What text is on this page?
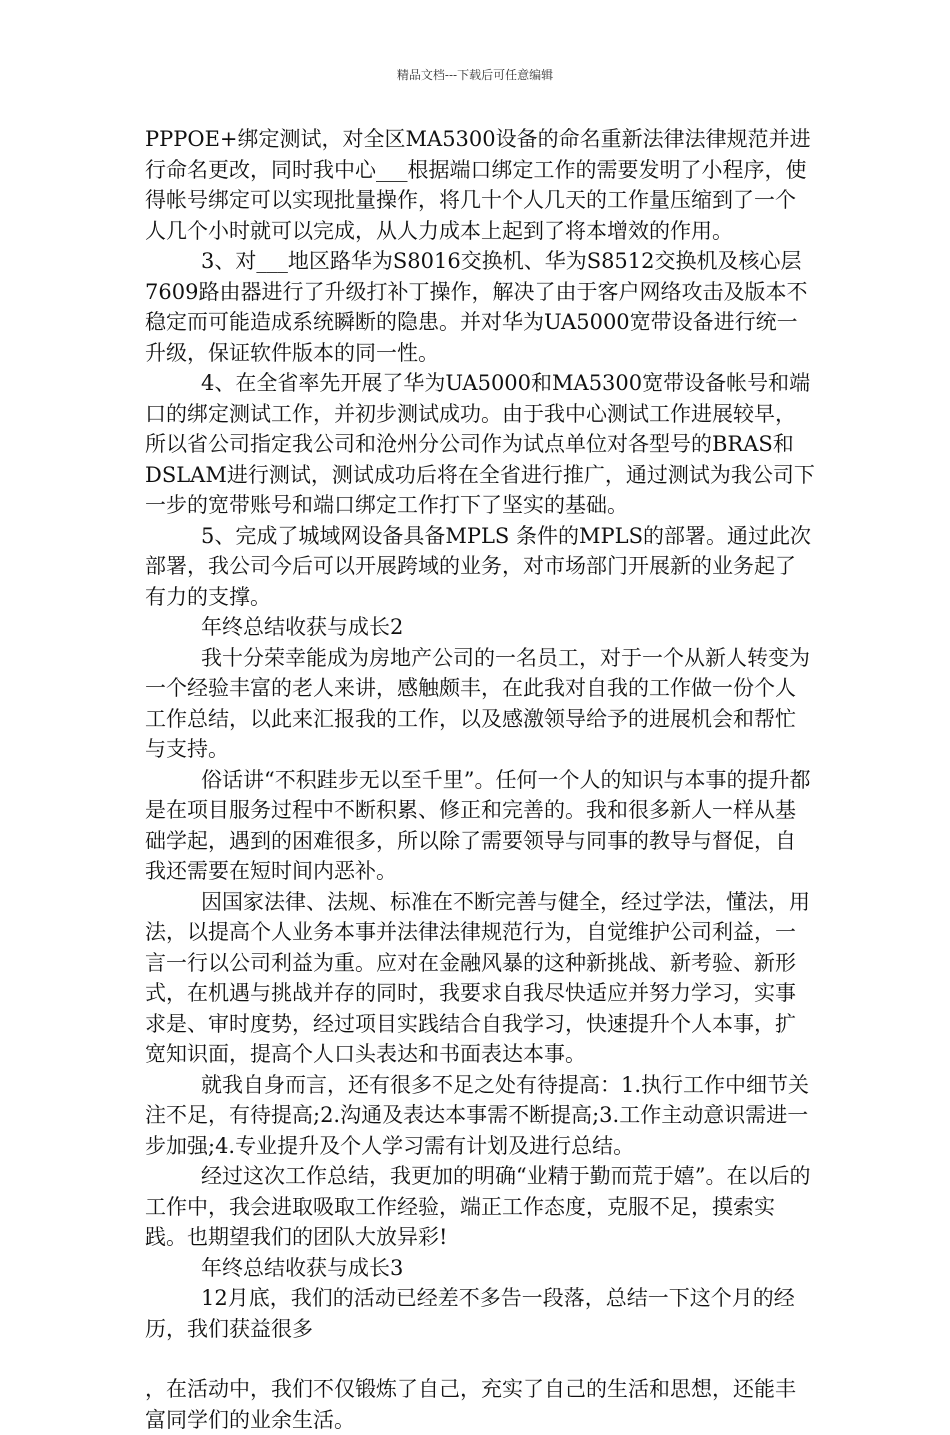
精品文档---下载后可任意编辑

PPPOE+绑定测试，对全区MA5300设备的命名重新法律法律规范并进行命名更改，同时我中心___根据端口绑定工作的需要发明了小程序，使得帐号绑定可以实现批量操作，将几十个人几天的工作量压缩到了一个人几个小时就可以完成，从人力成本上起到了将本增效的作用。

3、对___地区路华为S8016交换机、华为S8512交换机及核心层7609路由器进行了升级打补丁操作，解决了由于客户网络攻击及版本不稳定而可能造成系统瞬断的隐患。并对华为UA5000宽带设备进行统一升级，保证软件版本的同一性。

4、在全省率先开展了华为UA5000和MA5300宽带设备帐号和端口的绑定测试工作，并初步测试成功。由于我中心测试工作进展较早，所以省公司指定我公司和沧州分公司作为试点单位对各型号的BRAS和DSLAM进行测试，测试成功后将在全省进行推广，通过测试为我公司下一步的宽带账号和端口绑定工作打下了坚实的基础。

5、完成了城域网设备具备MPLS 条件的MPLS的部署。通过此次部署，我公司今后可以开展跨域的业务，对市场部门开展新的业务起了有力的支撑。

年终总结收获与成长2

我十分荣幸能成为房地产公司的一名员工，对于一个从新人转变为一个经验丰富的老人来讲，感触颇丰，在此我对自我的工作做一份个人工作总结，以此来汇报我的工作，以及感激领导给予的进展机会和帮忙与支持。

俗话讲“不积跬步无以至千里”。任何一个人的知识与本事的提升都是在项目服务过程中不断积累、修正和完善的。我和很多新人一样从基础学起，遇到的困难很多，所以除了需要领导与同事的教导与督促，自我还需要在短时间内恶补。

因国家法律、法规、标准在不断完善与健全，经过学法，懂法，用法，以提高个人业务本事并法律法律规范行为，自觉维护公司利益，一言一行以公司利益为重。应对在金融风暴的这种新挑战、新考验、新形式，在机遇与挑战并存的同时，我要求自我尽快适应并努力学习，实事求是、审时度势，经过项目实践结合自我学习，快速提升个人本事，扩宽知识面，提高个人口头表达和书面表达本事。

就我自身而言，还有很多不足之处有待提高：1.执行工作中细节关注不足，有待提高;2.沟通及表达本事需不断提高;3.工作主动意识需进一步加强;4.专业提升及个人学习需有计划及进行总结。

经过这次工作总结，我更加的明确“业精于勤而荒于嬉”。在以后的工作中，我会进取吸取工作经验，端正工作态度，克服不足，摸索实践。也期望我们的团队大放异彩!

年终总结收获与成长3

12月底，我们的活动已经差不多告一段落，总结一下这个月的经历，我们获益很多

，在活动中，我们不仅锻炼了自己，充实了自己的生活和思想，还能丰富同学们的业余生活。
